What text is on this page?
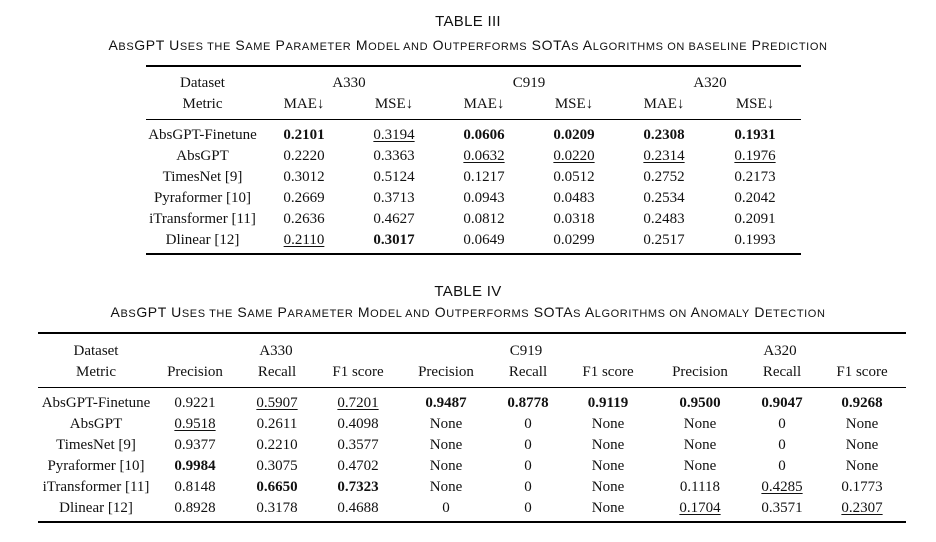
TABLE III
ABSGPT USES THE SAME PARAMETER MODEL AND OUTPERFORMS SOTAS ALGORITHMS ON BASELINE PREDICTION
Dataset	A330		C919		A320	
Metric	MAE↓	MSE↓	MAE↓	MSE↓	MAE↓	MSE↓
AbsGPT-Finetune	0.2101	0.3194	0.0606	0.0209	0.2308	0.1931
AbsGPT	0.2220	0.3363	0.0632	0.0220	0.2314	0.1976
TimesNet [9]	0.3012	0.5124	0.1217	0.0512	0.2752	0.2173
Pyraformer [10]	0.2669	0.3713	0.0943	0.0483	0.2534	0.2042
iTransformer [11]	0.2636	0.4627	0.0812	0.0318	0.2483	0.2091
Dlinear [12]	0.2110	0.3017	0.0649	0.0299	0.2517	0.1993
TABLE IV
ABSGPT USES THE SAME PARAMETER MODEL AND OUTPERFORMS SOTAS ALGORITHMS ON ANOMALY DETECTION
Dataset	A330			C919			A320		
Metric	Precision	Recall	F1 score	Precision	Recall	F1 score	Precision	Recall	F1 score
AbsGPT-Finetune	0.9221	0.5907	0.7201	0.9487	0.8778	0.9119	0.9500	0.9047	0.9268
AbsGPT	0.9518	0.2611	0.4098	None	0	None	None	0	None
TimesNet [9]	0.9377	0.2210	0.3577	None	0	None	None	0	None
Pyraformer [10]	0.9984	0.3075	0.4702	None	0	None	None	0	None
iTransformer [11]	0.8148	0.6650	0.7323	None	0	None	0.1118	0.4285	0.1773
Dlinear [12]	0.8928	0.3178	0.4688	0	0	None	0.1704	0.3571	0.2307
